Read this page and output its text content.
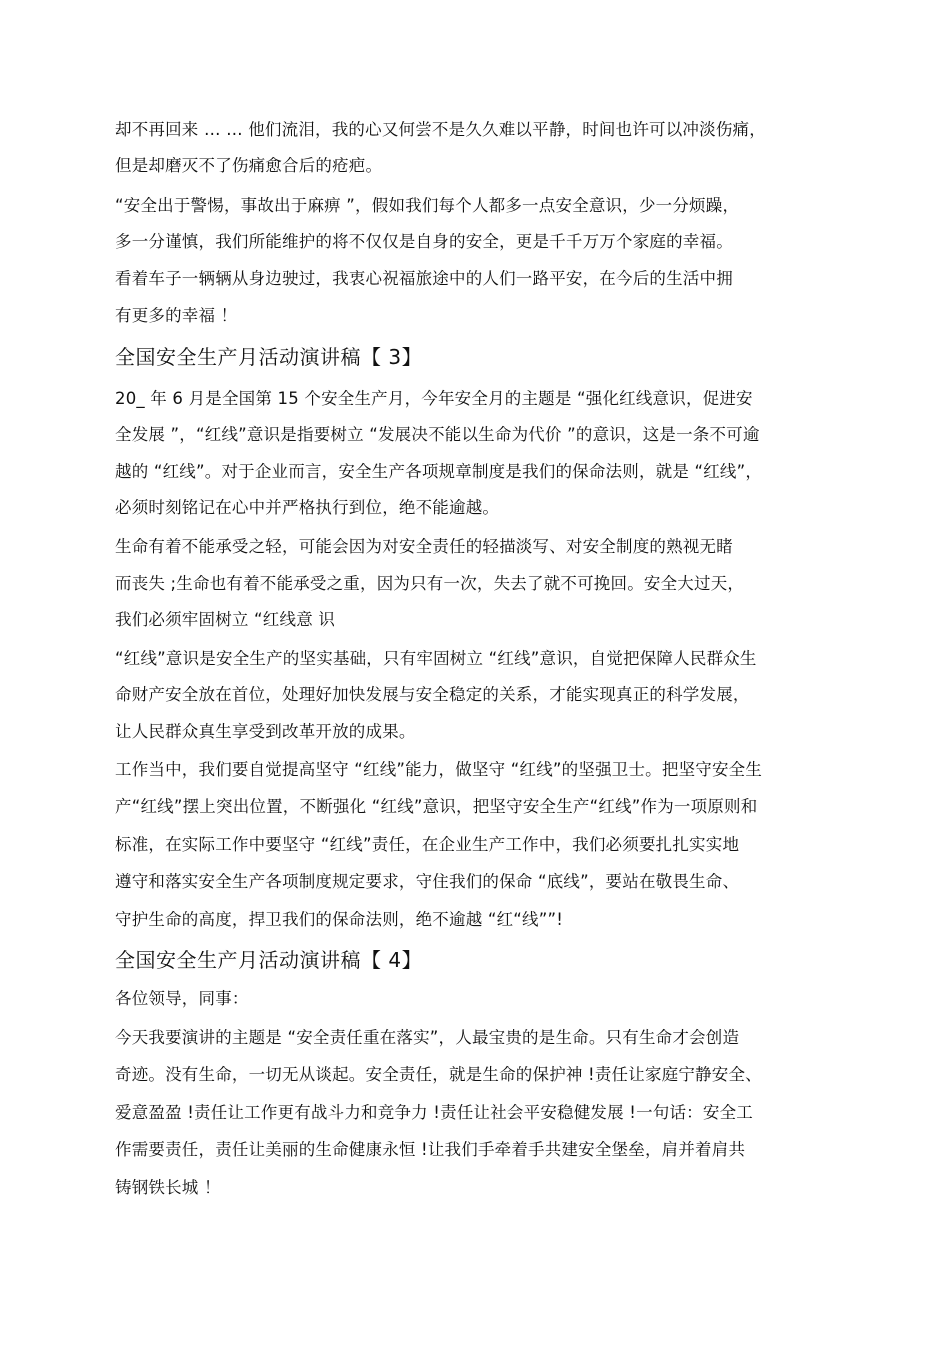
却不再回来 … … 他们流泪，我的心又何尝不是久久难以平静，时间也许可以冲淡伤痛，
但是却磨灭不了伤痛愈合后的疮疤。
“安全出于警惕，事故出于麻痹 ”，假如我们每个人都多一点安全意识，少一分烦躁，
多一分谨慎，我们所能维护的将不仅仅是自身的安全，更是千千万万个家庭的幸福。
看着车子一辆辆从身边驶过，我衷心祝福旅途中的人们一路平安，在今后的生活中拥
有更多的幸福 ！
全国安全生产月活动演讲稿【 3】
20_ 年 6 月是全国第 15 个安全生产月，今年安全月的主题是 “强化红线意识，促进安
全发展 ”，“红线”意识是指要树立 “发展决不能以生命为代价 ”的意识，这是一条不可逾
越的 “红线”。对于企业而言，安全生产各项规章制度是我们的保命法则，就是 “红线”，
必须时刻铭记在心中并严格执行到位，绝不能逾越。
生命有着不能承受之轻，可能会因为对安全责任的轻描淡写、对安全制度的熟视无睹
而丧失 ;生命也有着不能承受之重，因为只有一次，失去了就不可挽回。安全大过天，
我们必须牢固树立 “红线意 识
“红线”意识是安全生产的坚实基础，只有牢固树立 “红线”意识，自觉把保障人民群众生
命财产安全放在首位，处理好加快发展与安全稳定的关系，才能实现真正的科学发展，
让人民群众真生享受到改革开放的成果。
工作当中，我们要自觉提高坚守 “红线”能力，做坚守 “红线”的坚强卫士。把坚守安全生
产“红线”摆上突出位置，不断强化 “红线”意识，把坚守安全生产“红线”作为一项原则和
标准，在实际工作中要坚守 “红线”责任，在企业生产工作中，我们必须要扎扎实实地
遵守和落实安全生产各项制度规定要求，守住我们的保命 “底线”，要站在敬畏生命、
守护生命的高度，捍卫我们的保命法则，绝不逾越 “红“线””!
全国安全生产月活动演讲稿【 4】
各位领导，同事：
今天我要演讲的主题是 “安全责任重在落实”，人最宝贵的是生命。只有生命才会创造
奇迹。没有生命，一切无从谈起。安全责任，就是生命的保护神 !责任让家庭宁静安全、
爱意盈盈 !责任让工作更有战斗力和竞争力 !责任让社会平安稳健发展 !一句话：安全工
作需要责任，责任让美丽的生命健康永恒 !让我们手牵着手共建安全堡垒，肩并着肩共
铸钢铁长城 ！
